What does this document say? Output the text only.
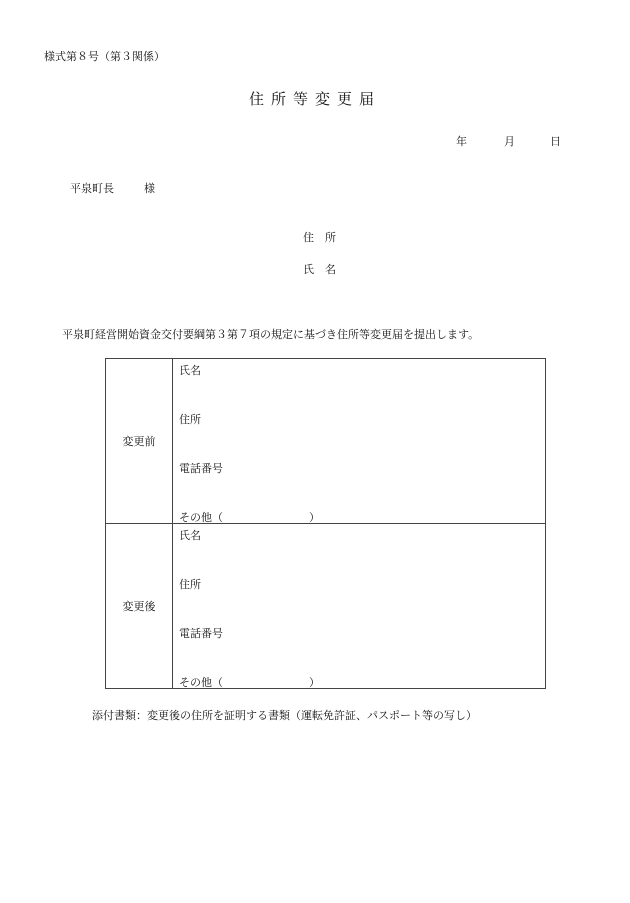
様式第８号（第３関係）
住所等変更届
年	月	日
平泉町長	様
住　所
氏　名
平泉町経営開始資金交付要綱第３第７項の規定に基づき住所等変更届を提出します。
変更前	氏名
住所
電話番号
その他（ ）

変更後	氏名
住所
電話番号
その他（ ）
添付書類：変更後の住所を証明する書類（運転免許証、パスポート等の写し）
